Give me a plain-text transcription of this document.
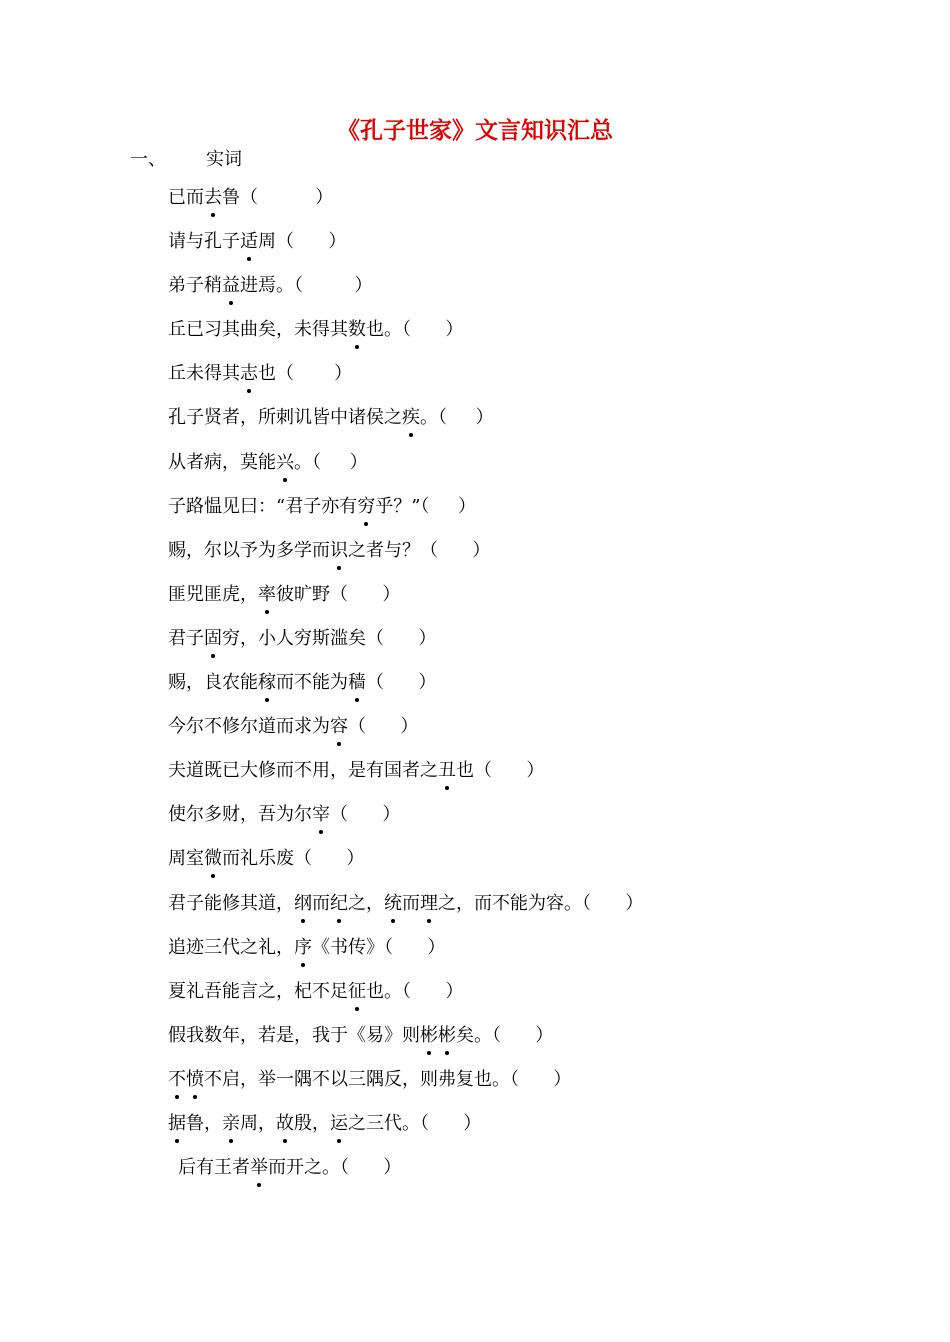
《孔子世家》文言知识汇总
一、 实词
已而去鲁（	）
请与孔子适周（ ）
弟子稍益进焉。（	）
丘已习其曲矣，未得其数也。（ ）
丘未得其志也（ ）
孔子贤者，所刺讥皆中诸侯之疾。（ ）
从者病，莫能兴。（ ）
子路愠见曰：“君子亦有穷乎？”（ ）
赐，尔以予为多学而识之者与？（ ）
匪兕匪虎，率彼旷野（ ）
君子固穷，小人穷斯滥矣（ ）
赐，良农能稼而不能为穑（ ）
今尔不修尔道而求为容（ ）
夫道既已大修而不用，是有国者之丑也（ ）
使尔多财，吾为尔宰（ ）
周室微而礼乐废（ ）
君子能修其道，纲而纪之，统而理之，而不能为容。（ ）
追迹三代之礼，序《书传》（ ）
夏礼吾能言之，杞不足征也。（ ）
假我数年，若是，我于《易》则彬彬矣。（ ）
不愤不启，举一隅不以三隅反，则弗复也。（ ）
据鲁，亲周，故殷，运之三代。（ ）
后有王者举而开之。（ ）
